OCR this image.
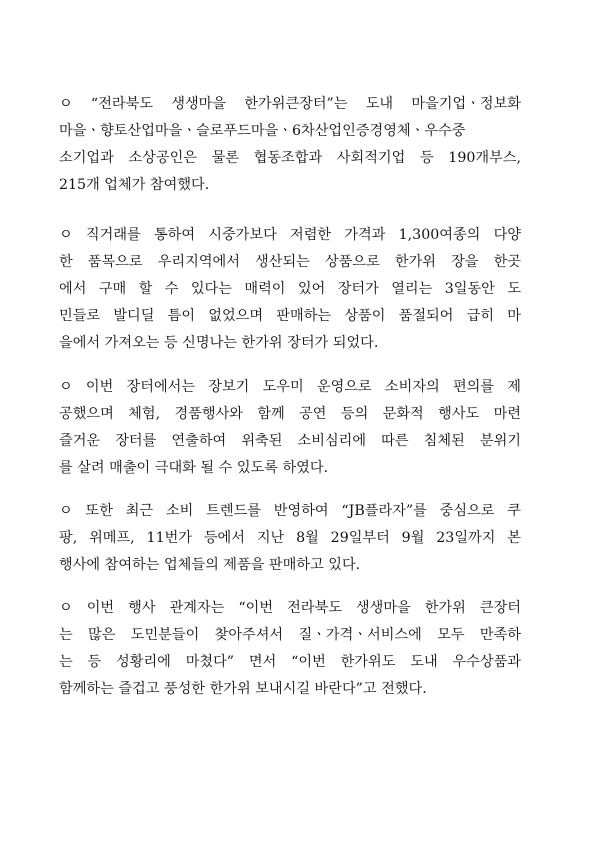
ㅇ “전라북도 생생마을 한가위큰장터”는 도내 마을기업ㆍ정보화
마을ㆍ향토산업마을ㆍ슬로푸드마을ㆍ6차산업인증경영체ㆍ우수중
소기업과 소상공인은 물론 협동조합과 사회적기업 등 190개부스,
215개 업체가 참여했다.
ㅇ 직거래를 통하여 시중가보다 저렴한 가격과 1,300여종의 다양
한 품목으로 우리지역에서 생산되는 상품으로 한가위 장을 한곳
에서 구매 할 수 있다는 매력이 있어 장터가 열리는 3일동안 도
민들로 발디딜 틈이 없었으며 판매하는 상품이 품절되어 급히 마
을에서 가져오는 등 신명나는 한가위 장터가 되었다.
ㅇ 이번 장터에서는 장보기 도우미 운영으로 소비자의 편의를 제
공했으며 체험, 경품행사와 함께 공연 등의 문화적 행사도 마련
즐거운 장터를 연출하여 위축된 소비심리에 따른 침체된 분위기
를 살려 매출이 극대화 될 수 있도록 하였다.
ㅇ 또한 최근 소비 트렌드를 반영하여 “JB플라자”를 중심으로 쿠
팡, 위메프, 11번가 등에서 지난 8월 29일부터 9월 23일까지 본
행사에 참여하는 업체들의 제품을 판매하고 있다.
ㅇ 이번 행사 관계자는 “이번 전라북도 생생마을 한가위 큰장터
는 많은 도민분들이 찾아주셔서 질ㆍ가격ㆍ서비스에 모두 만족하
는 등 성황리에 마쳤다” 면서 “이번 한가위도 도내 우수상품과
함께하는 즐겁고 풍성한 한가위 보내시길 바란다”고 전했다.
